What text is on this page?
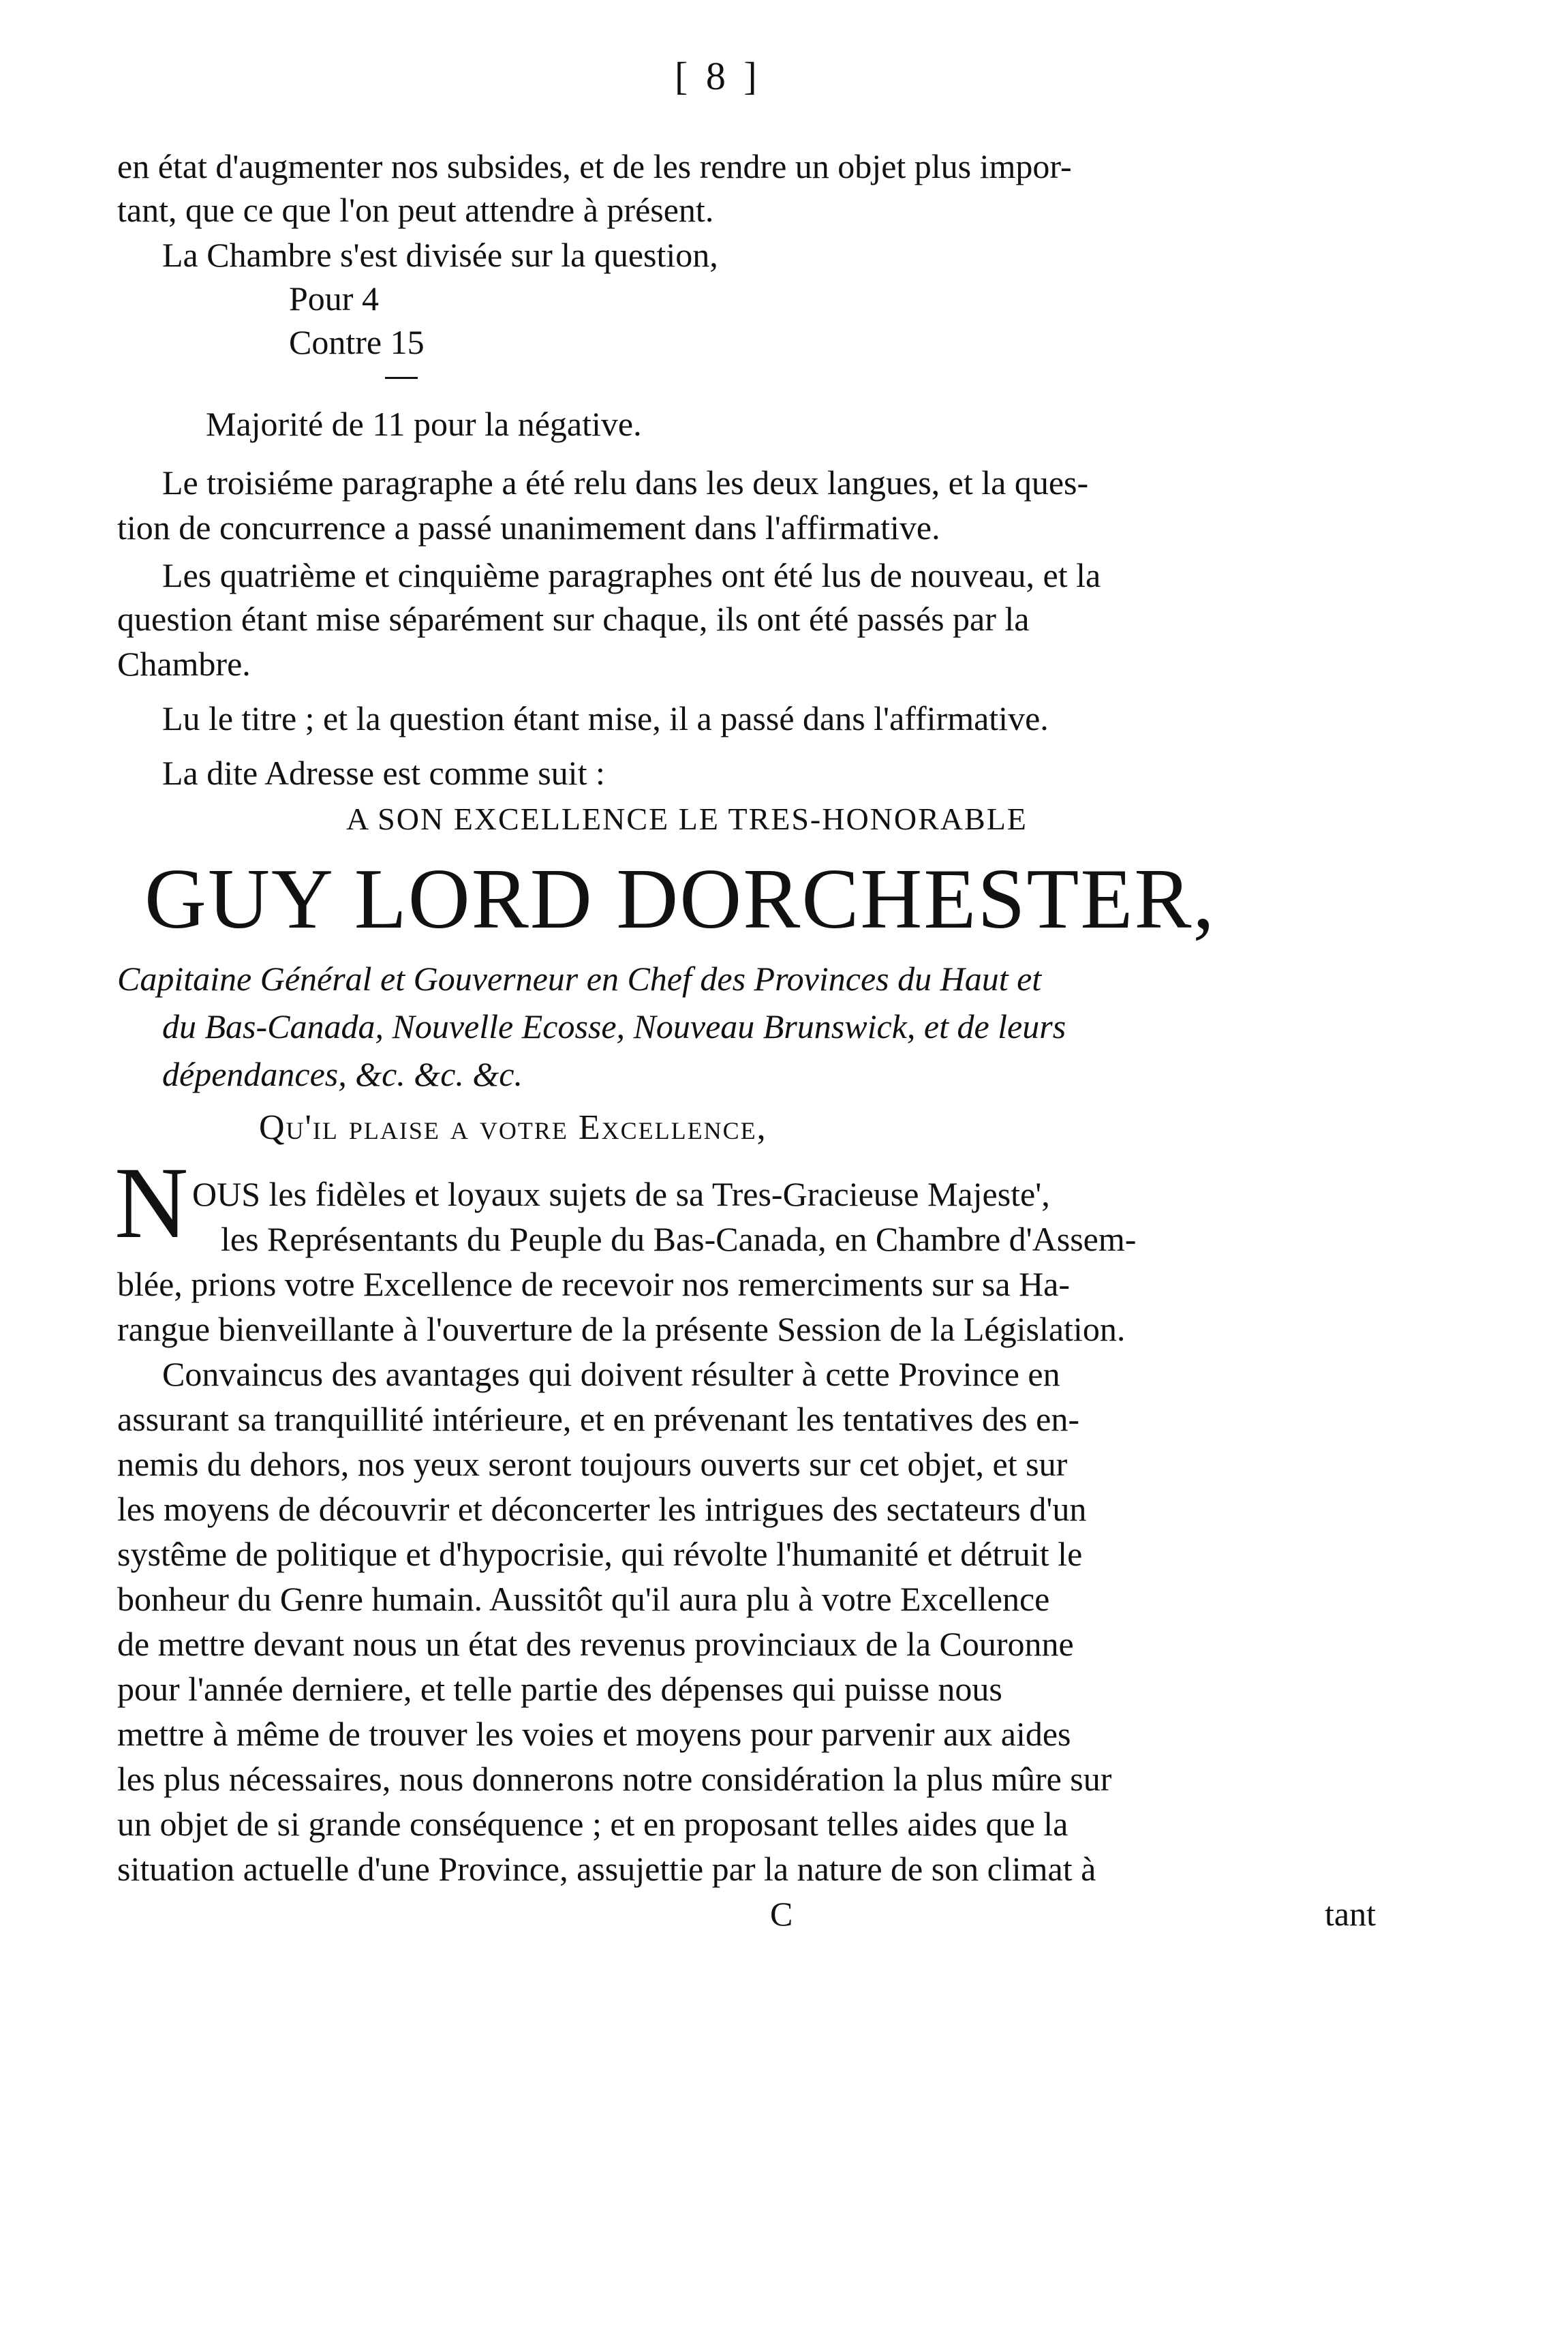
[ 8 ]
en état d'augmenter nos subsides, et de les rendre un objet plus impor-
tant, que ce que l'on peut attendre à présent.
La Chambre s'est divisée sur la question,
Pour 4
Contre 15
Majorité de 11 pour la négative.
Le troisiéme paragraphe a été relu dans les deux langues, et la ques-
tion de concurrence a passé unanimement dans l'affirmative.
Les quatrième et cinquième paragraphes ont été lus de nouveau, et la
question étant mise séparément sur chaque, ils ont été passés par la
Chambre.
Lu le titre ; et la question étant mise, il a passé dans l'affirmative.
La dite Adresse est comme suit :
A SON EXCELLENCE LE TRES-HONORABLE
GUY LORD DORCHESTER,
Capitaine Général et Gouverneur en Chef des Provinces du Haut et
du Bas-Canada, Nouvelle Ecosse, Nouveau Brunswick, et de leurs
dépendances, &c. &c. &c.
Qu'il plaise a votre Excellence,
N OUS les fidèles et loyaux sujets de sa Tres-Gracieuse Majeste',
les Représentants du Peuple du Bas-Canada, en Chambre d'Assem-
blée, prions votre Excellence de recevoir nos remerciments sur sa Ha-
rangue bienveillante à l'ouverture de la présente Session de la Législation.
Convaincus des avantages qui doivent résulter à cette Province en
assurant sa tranquillité intérieure, et en prévenant les tentatives des en-
nemis du dehors, nos yeux seront toujours ouverts sur cet objet, et sur
les moyens de découvrir et déconcerter les intrigues des sectateurs d'un
systême de politique et d'hypocrisie, qui révolte l'humanité et détruit le
bonheur du Genre humain. Aussitôt qu'il aura plu à votre Excellence
de mettre devant nous un état des revenus provinciaux de la Couronne
pour l'année derniere, et telle partie des dépenses qui puisse nous
mettre à même de trouver les voies et moyens pour parvenir aux aides
les plus nécessaires, nous donnerons notre considération la plus mûre sur
un objet de si grande conséquence ; et en proposant telles aides que la
situation actuelle d'une Province, assujettie par la nature de son climat à
C	tant
